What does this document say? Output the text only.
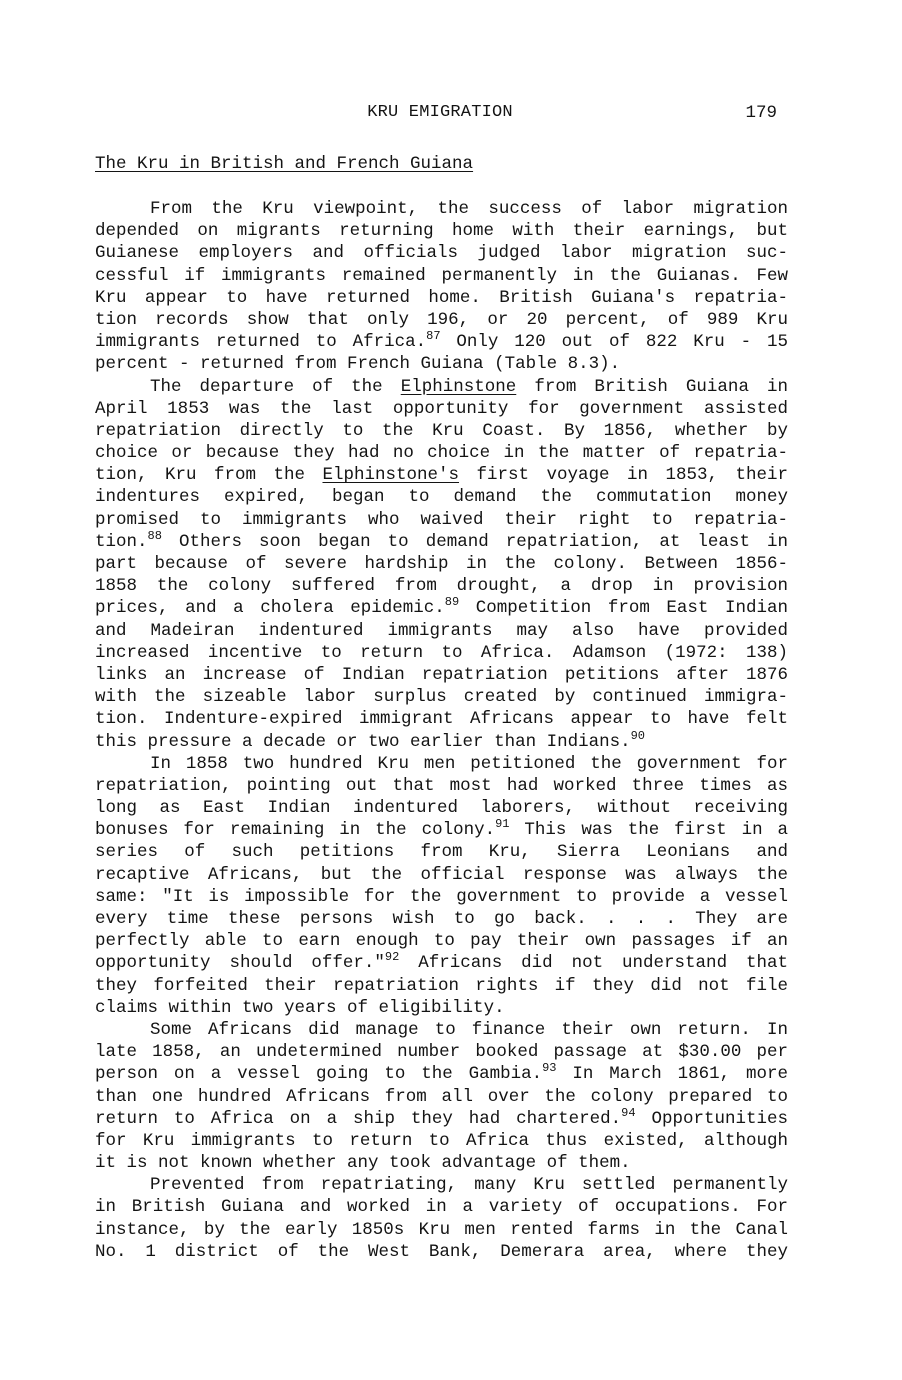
KRU EMIGRATION	179
The Kru in British and French Guiana
From the Kru viewpoint, the success of labor migration
depended on migrants returning home with their earnings, but
Guianese employers and officials judged labor migration suc-
cessful if immigrants remained permanently in the Guianas. Few
Kru appear to have returned home. British Guiana's repatria-
tion records show that only 196, or 20 percent, of 989 Kru
immigrants returned to Africa.$^{87}$ Only 120 out of 822 Kru - 15
percent - returned from French Guiana (Table 8.3).
The departure of the Elphinstone from British Guiana in
April 1853 was the last opportunity for government assisted
repatriation directly to the Kru Coast. By 1856, whether by
choice or because they had no choice in the matter of repatria-
tion, Kru from the Elphinstone's first voyage in 1853, their
indentures expired, began to demand the commutation money
promised to immigrants who waived their right to repatria-
tion.$^{88}$ Others soon began to demand repatriation, at least in
part because of severe hardship in the colony. Between 1856-
1858 the colony suffered from drought, a drop in provision
prices, and a cholera epidemic.$^{89}$ Competition from East Indian
and Madeiran indentured immigrants may also have provided
increased incentive to return to Africa. Adamson (1972: 138)
links an increase of Indian repatriation petitions after 1876
with the sizeable labor surplus created by continued immigra-
tion. Indenture-expired immigrant Africans appear to have felt
this pressure a decade or two earlier than Indians.$^{90}$
In 1858 two hundred Kru men petitioned the government for
repatriation, pointing out that most had worked three times as
long as East Indian indentured laborers, without receiving
bonuses for remaining in the colony.$^{91}$ This was the first in a
series of such petitions from Kru, Sierra Leonians and
recaptive Africans, but the official response was always the
same: "It is impossible for the government to provide a vessel
every time these persons wish to go back. . . . They are
perfectly able to earn enough to pay their own passages if an
opportunity should offer."$^{92}$ Africans did not understand that
they forfeited their repatriation rights if they did not file
claims within two years of eligibility.
Some Africans did manage to finance their own return. In
late 1858, an undetermined number booked passage at $30.00 per
person on a vessel going to the Gambia.$^{93}$ In March 1861, more
than one hundred Africans from all over the colony prepared to
return to Africa on a ship they had chartered.$^{94}$ Opportunities
for Kru immigrants to return to Africa thus existed, although
it is not known whether any took advantage of them.
Prevented from repatriating, many Kru settled permanently
in British Guiana and worked in a variety of occupations. For
instance, by the early 1850s Kru men rented farms in the Canal
No. 1 district of the West Bank, Demerara area, where they
